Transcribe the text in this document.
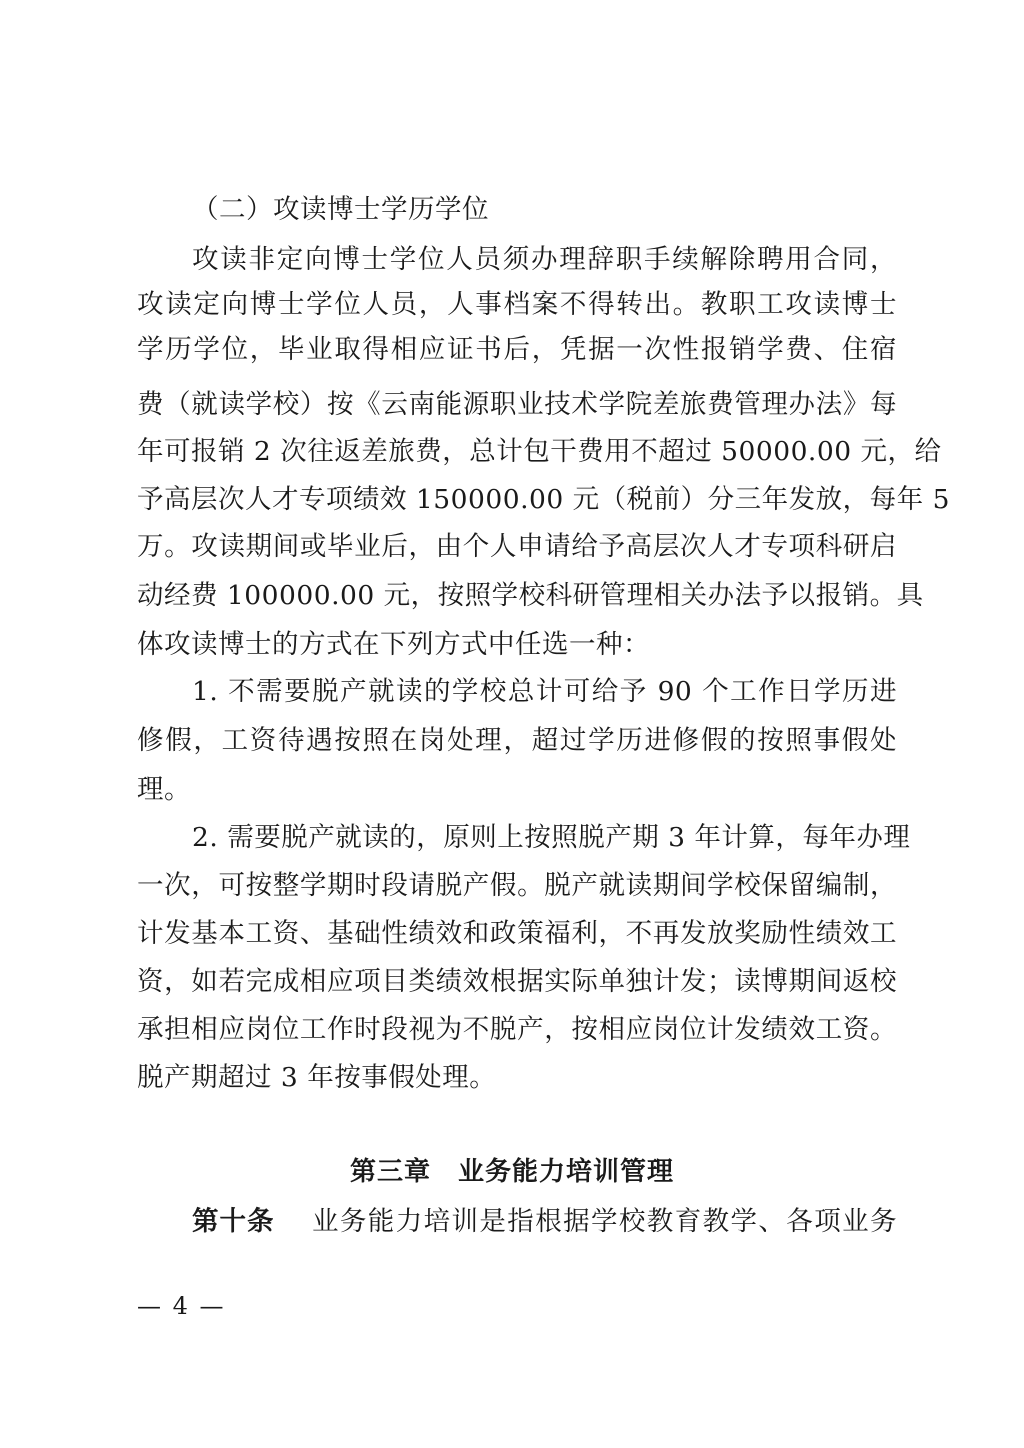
（二）攻读博士学历学位
攻读非定向博士学位人员须办理辞职手续解除聘用合同，
攻读定向博士学位人员，人事档案不得转出。教职工攻读博士
学历学位，毕业取得相应证书后，凭据一次性报销学费、住宿
费（就读学校）按《云南能源职业技术学院差旅费管理办法》每
年可报销 2 次往返差旅费，总计包干费用不超过 50000.00 元，给
予高层次人才专项绩效 150000.00 元（税前）分三年发放，每年 5
万。攻读期间或毕业后，由个人申请给予高层次人才专项科研启
动经费 100000.00 元，按照学校科研管理相关办法予以报销。具
体攻读博士的方式在下列方式中任选一种：
1. 不需要脱产就读的学校总计可给予 90 个工作日学历进
修假，工资待遇按照在岗处理，超过学历进修假的按照事假处
理。
2. 需要脱产就读的，原则上按照脱产期 3 年计算，每年办理
一次，可按整学期时段请脱产假。脱产就读期间学校保留编制，
计发基本工资、基础性绩效和政策福利，不再发放奖励性绩效工
资，如若完成相应项目类绩效根据实际单独计发；读博期间返校
承担相应岗位工作时段视为不脱产，按相应岗位计发绩效工资。
脱产期超过 3 年按事假处理。
第三章　业务能力培训管理
第十条 业务能力培训是指根据学校教育教学、各项业务
— 4 —
